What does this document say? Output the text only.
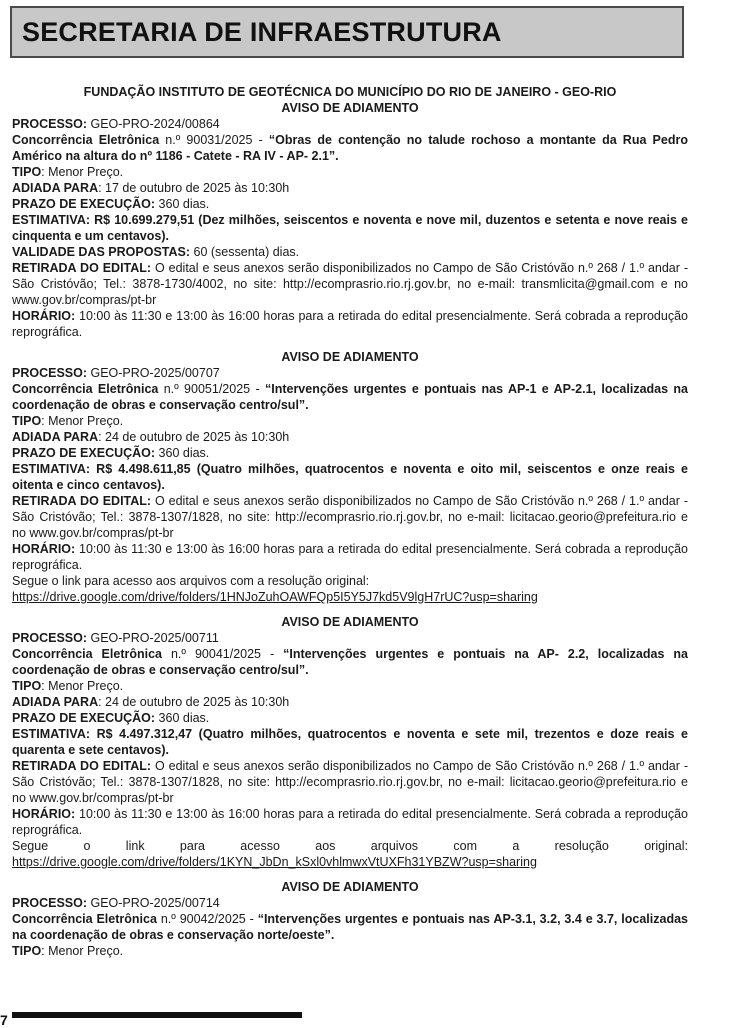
SECRETARIA DE INFRAESTRUTURA
FUNDAÇÃO INSTITUTO DE GEOTÉCNICA DO MUNICÍPIO DO RIO DE JANEIRO - GEO-RIO
AVISO DE ADIAMENTO
PROCESSO: GEO-PRO-2024/00864
Concorrência Eletrônica n.º 90031/2025 - “Obras de contenção no talude rochoso a montante da Rua Pedro Américo na altura do nº 1186 - Catete - RA IV - AP- 2.1”.
TIPO: Menor Preço.
ADIADA PARA: 17 de outubro de 2025 às 10:30h
PRAZO DE EXECUÇÃO: 360 dias.
ESTIMATIVA: R$ 10.699.279,51 (Dez milhões, seiscentos e noventa e nove mil, duzentos e setenta e nove reais e cinquenta e um centavos).
VALIDADE DAS PROPOSTAS: 60 (sessenta) dias.
RETIRADA DO EDITAL: O edital e seus anexos serão disponibilizados no Campo de São Cristóvão n.º 268 / 1.º andar - São Cristóvão; Tel.: 3878-1730/4002, no site: http://ecomprasrio.rio.rj.gov.br, no e-mail: transmlicita@gmail.com e no www.gov.br/compras/pt-br
HORÁRIO: 10:00 às 11:30 e 13:00 às 16:00 horas para a retirada do edital presencialmente. Será cobrada a reprodução reprográfica.
AVISO DE ADIAMENTO
PROCESSO: GEO-PRO-2025/00707
Concorrência Eletrônica n.º 90051/2025 - “Intervenções urgentes e pontuais nas AP-1 e AP-2.1, localizadas na coordenação de obras e conservação centro/sul”.
TIPO: Menor Preço.
ADIADA PARA: 24 de outubro de 2025 às 10:30h
PRAZO DE EXECUÇÃO: 360 dias.
ESTIMATIVA: R$ 4.498.611,85 (Quatro milhões, quatrocentos e noventa e oito mil, seiscentos e onze reais e oitenta e cinco centavos).
RETIRADA DO EDITAL: O edital e seus anexos serão disponibilizados no Campo de São Cristóvão n.º 268 / 1.º andar - São Cristóvão; Tel.: 3878-1307/1828, no site: http://ecomprasrio.rio.rj.gov.br, no e-mail: licitacao.georio@prefeitura.rio e no www.gov.br/compras/pt-br
HORÁRIO: 10:00 às 11:30 e 13:00 às 16:00 horas para a retirada do edital presencialmente. Será cobrada a reprodução reprográfica.
Segue o link para acesso aos arquivos com a resolução original:
https://drive.google.com/drive/folders/1HNJoZuhOAWFQp5I5Y5J7kd5V9lgH7rUC?usp=sharing
AVISO DE ADIAMENTO
PROCESSO: GEO-PRO-2025/00711
Concorrência Eletrônica n.º 90041/2025 - “Intervenções urgentes e pontuais na AP- 2.2, localizadas na coordenação de obras e conservação centro/sul”.
TIPO: Menor Preço.
ADIADA PARA: 24 de outubro de 2025 às 10:30h
PRAZO DE EXECUÇÃO: 360 dias.
ESTIMATIVA: R$ 4.497.312,47 (Quatro milhões, quatrocentos e noventa e sete mil, trezentos e doze reais e quarenta e sete centavos).
RETIRADA DO EDITAL: O edital e seus anexos serão disponibilizados no Campo de São Cristóvão n.º 268 / 1.º andar - São Cristóvão; Tel.: 3878-1307/1828, no site: http://ecomprasrio.rio.rj.gov.br, no e-mail: licitacao.georio@prefeitura.rio e no www.gov.br/compras/pt-br
HORÁRIO: 10:00 às 11:30 e 13:00 às 16:00 horas para a retirada do edital presencialmente. Será cobrada a reprodução reprográfica.
Segue o link para acesso aos arquivos com a resolução original: https://drive.google.com/drive/folders/1KYN_JbDn_kSxl0vhlmwxVtUXFh31YBZW?usp=sharing
AVISO DE ADIAMENTO
PROCESSO: GEO-PRO-2025/00714
Concorrência Eletrônica n.º 90042/2025 - “Intervenções urgentes e pontuais nas AP-3.1, 3.2, 3.4 e 3.7, localizadas na coordenação de obras e conservação norte/oeste”.
TIPO: Menor Preço.
7
